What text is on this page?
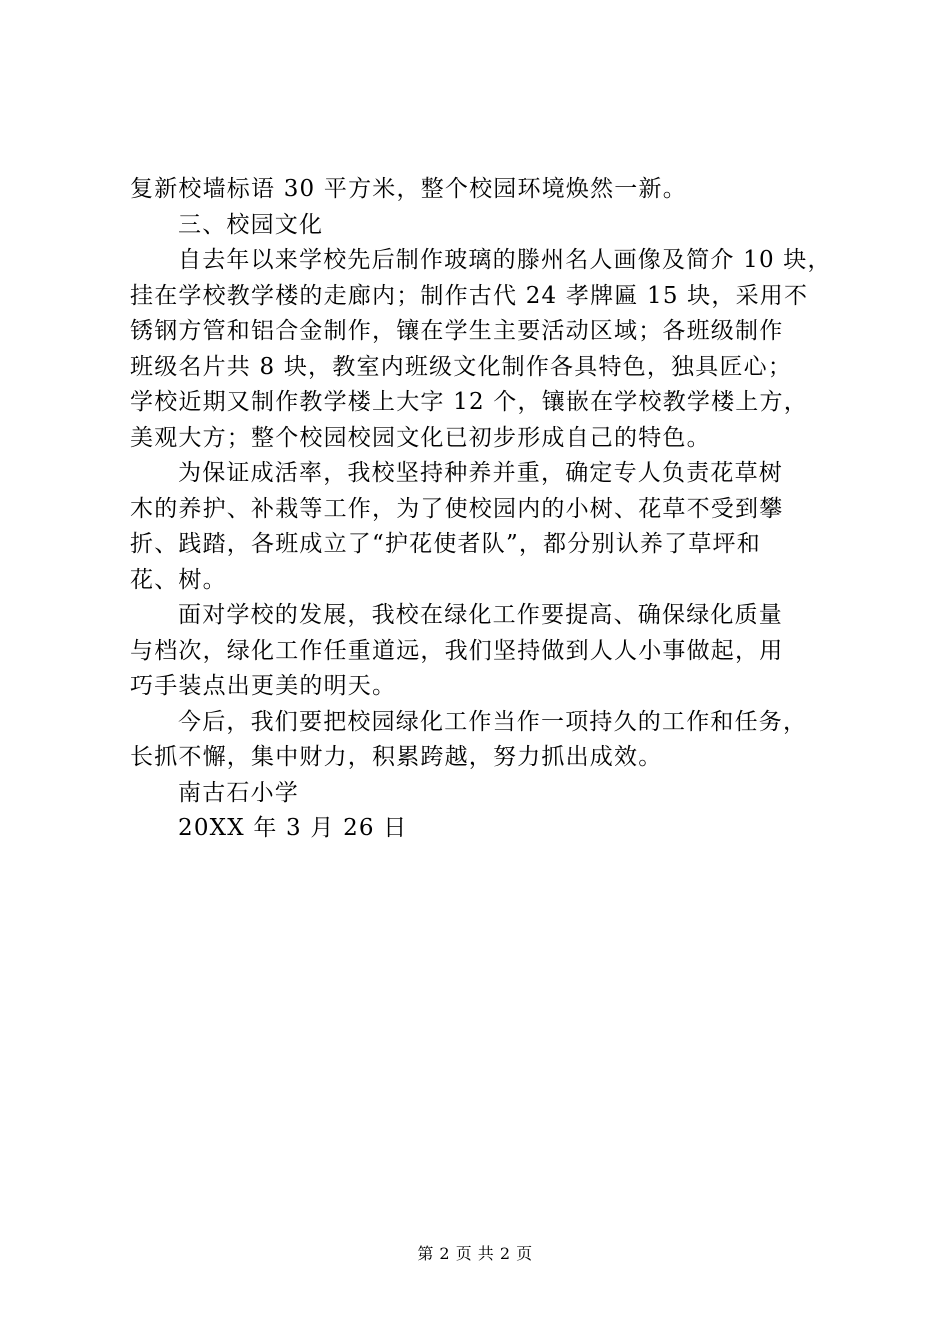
复新校墙标语 30 平方米，整个校园环境焕然一新。
三、校园文化
自去年以来学校先后制作玻璃的滕州名人画像及简介 10 块，
挂在学校教学楼的走廊内；制作古代 24 孝牌匾 15 块，采用不
锈钢方管和铝合金制作，镶在学生主要活动区域；各班级制作
班级名片共 8 块，教室内班级文化制作各具特色，独具匠心；
学校近期又制作教学楼上大字 12 个，镶嵌在学校教学楼上方，
美观大方；整个校园校园文化已初步形成自己的特色。
为保证成活率，我校坚持种养并重，确定专人负责花草树
木的养护、补栽等工作，为了使校园内的小树、花草不受到攀
折、践踏，各班成立了“护花使者队”，都分别认养了草坪和
花、树。
面对学校的发展，我校在绿化工作要提高、确保绿化质量
与档次，绿化工作任重道远，我们坚持做到人人小事做起，用
巧手装点出更美的明天。
今后，我们要把校园绿化工作当作一项持久的工作和任务，
长抓不懈，集中财力，积累跨越，努力抓出成效。
南古石小学
20XX 年 3 月 26 日
第 2 页 共 2 页
